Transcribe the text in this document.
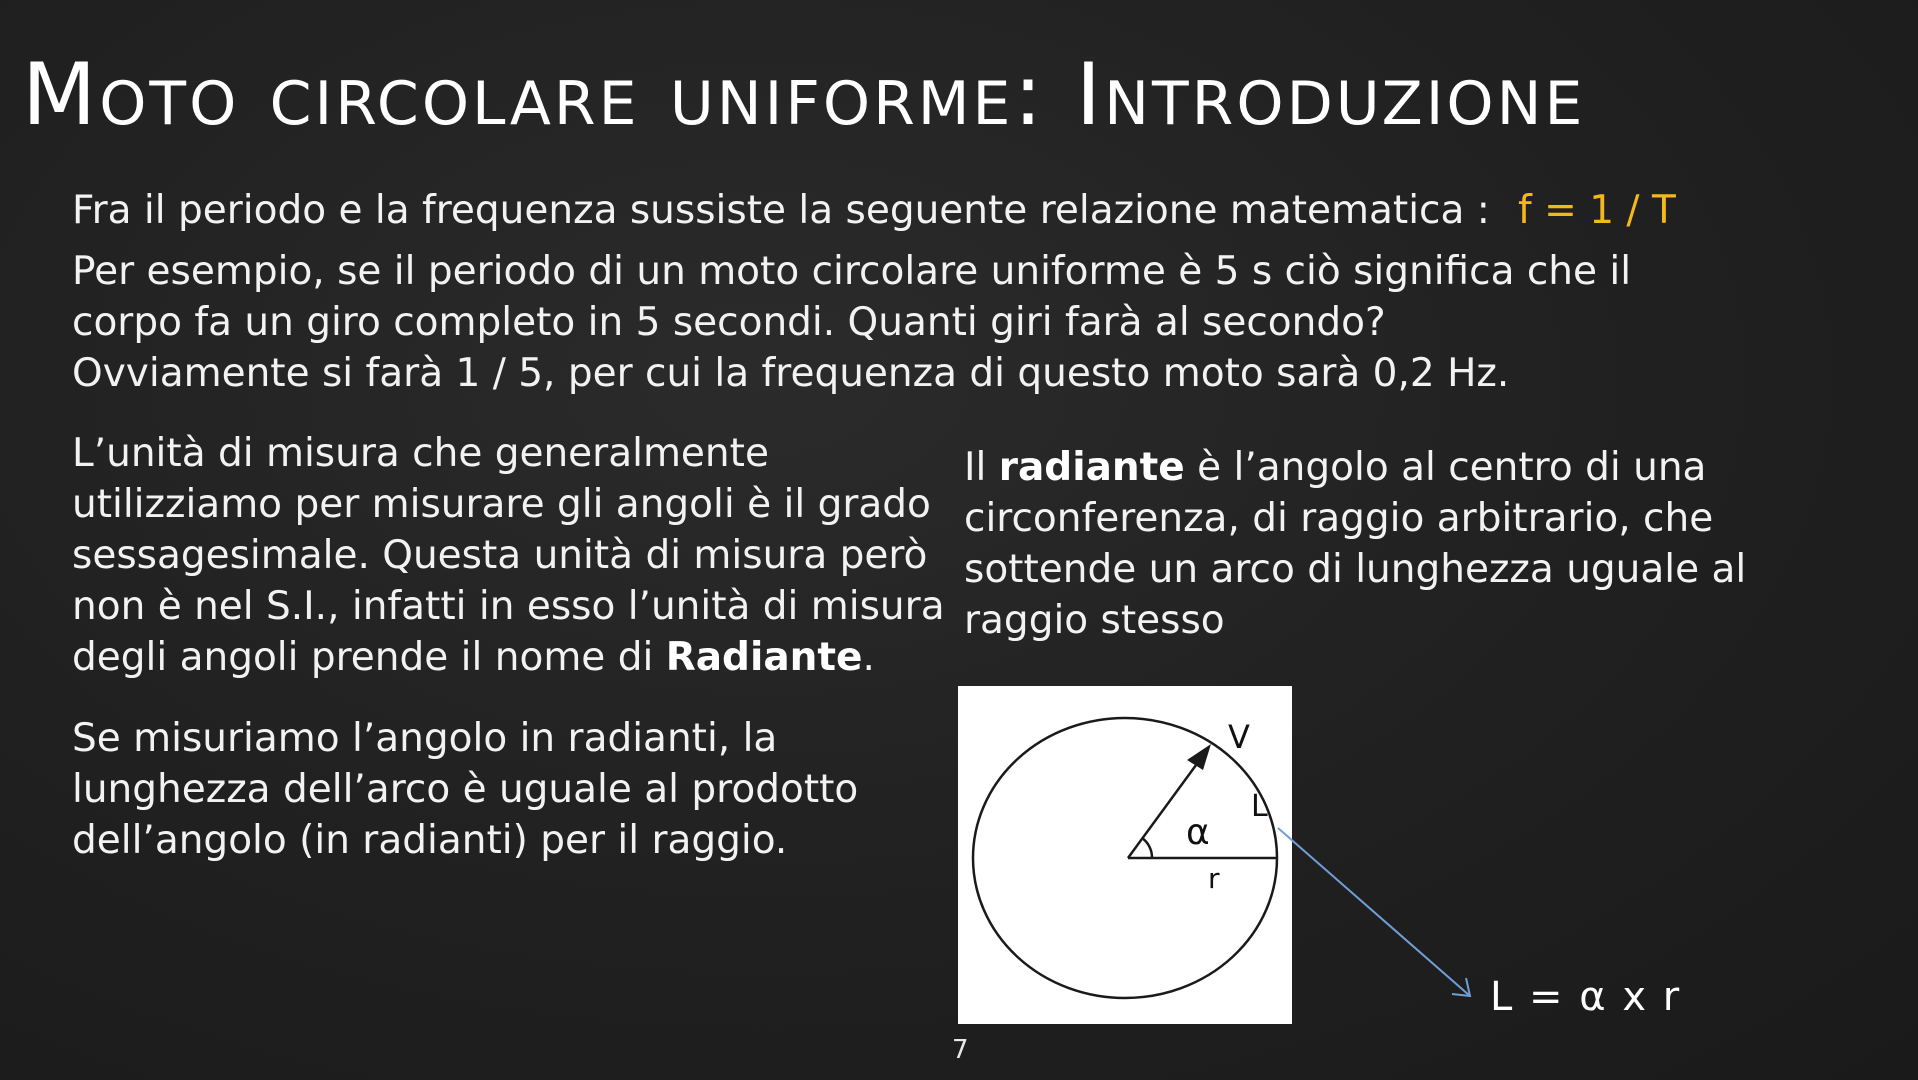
Moto circolare uniforme: Introduzione

Fra il periodo e la frequenza sussiste la seguente relazione matematica : f = 1 / T

Per esempio, se il periodo di un moto circolare uniforme è 5 s ciò significa che il corpo fa un giro completo in 5 secondi. Quanti giri farà al secondo? Ovviamente si farà 1 / 5, per cui la frequenza di questo moto sarà 0,2 Hz.

L’unità di misura che generalmente utilizziamo per misurare gli angoli è il grado sessagesimale. Questa unità di misura però non è nel S.I., infatti in esso l’unità di misura degli angoli prende il nome di Radiante.

Il radiante è l’angolo al centro di una circonferenza, di raggio arbitrario, che sottende un arco di lunghezza uguale al raggio stesso

Se misuriamo l’angolo in radianti, la lunghezza dell’arco è uguale al prodotto dell’angolo (in radianti) per il raggio.

V
L
α
r
L = α x r
7
